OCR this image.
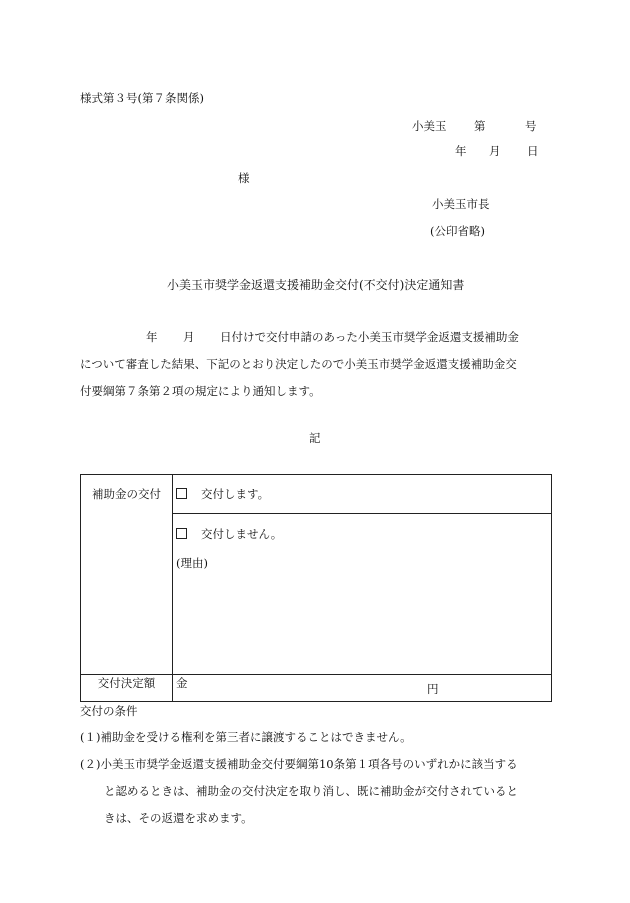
様式第３号(第７条関係)
小美玉 第	号
年 月 日
様
小美玉市長
(公印省略)
小美玉市奨学金返還支援補助金交付(不交付)決定通知書
年 月 日付けで交付申請のあった小美玉市奨学金返還支援補助金
について審査した結果、下記のとおり決定したので小美玉市奨学金返還支援補助金交
付要綱第７条第２項の規定により通知します。
記
補助金の交付	交付します。

	交付しません。
(理由)

交付決定額	金 円
交付の条件
(１)補助金を受ける権利を第三者に譲渡することはできません。
(２)小美玉市奨学金返還支援補助金交付要綱第10条第１項各号のいずれかに該当する
と認めるときは、補助金の交付決定を取り消し、既に補助金が交付されていると
きは、その返還を求めます。
